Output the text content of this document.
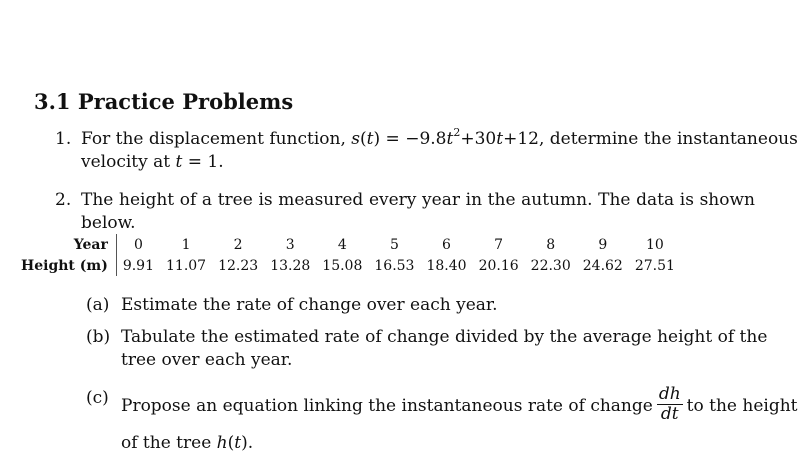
3.1 Practice Problems
1. For the displacement function, $s(t) = -9.8t^2+30t+12$, determine the instantaneous
velocity at t = 1.
2. The height of a tree is measured every year in the autumn. The data is shown
below.
Year	0	1	2	3	4	5	6	7	8	9	10
Height (m)	9.91	11.07	12.23	13.28	15.08	16.53	18.40	20.16	22.30	24.62	27.51
(a) Estimate the rate of change over each year.
(b) Tabulate the estimated rate of change divided by the average height of the
tree over each year.
(c) Propose an equation linking the instantaneous rate of change $\frac{dh}{dt}$ to the height
of the tree h(t).
